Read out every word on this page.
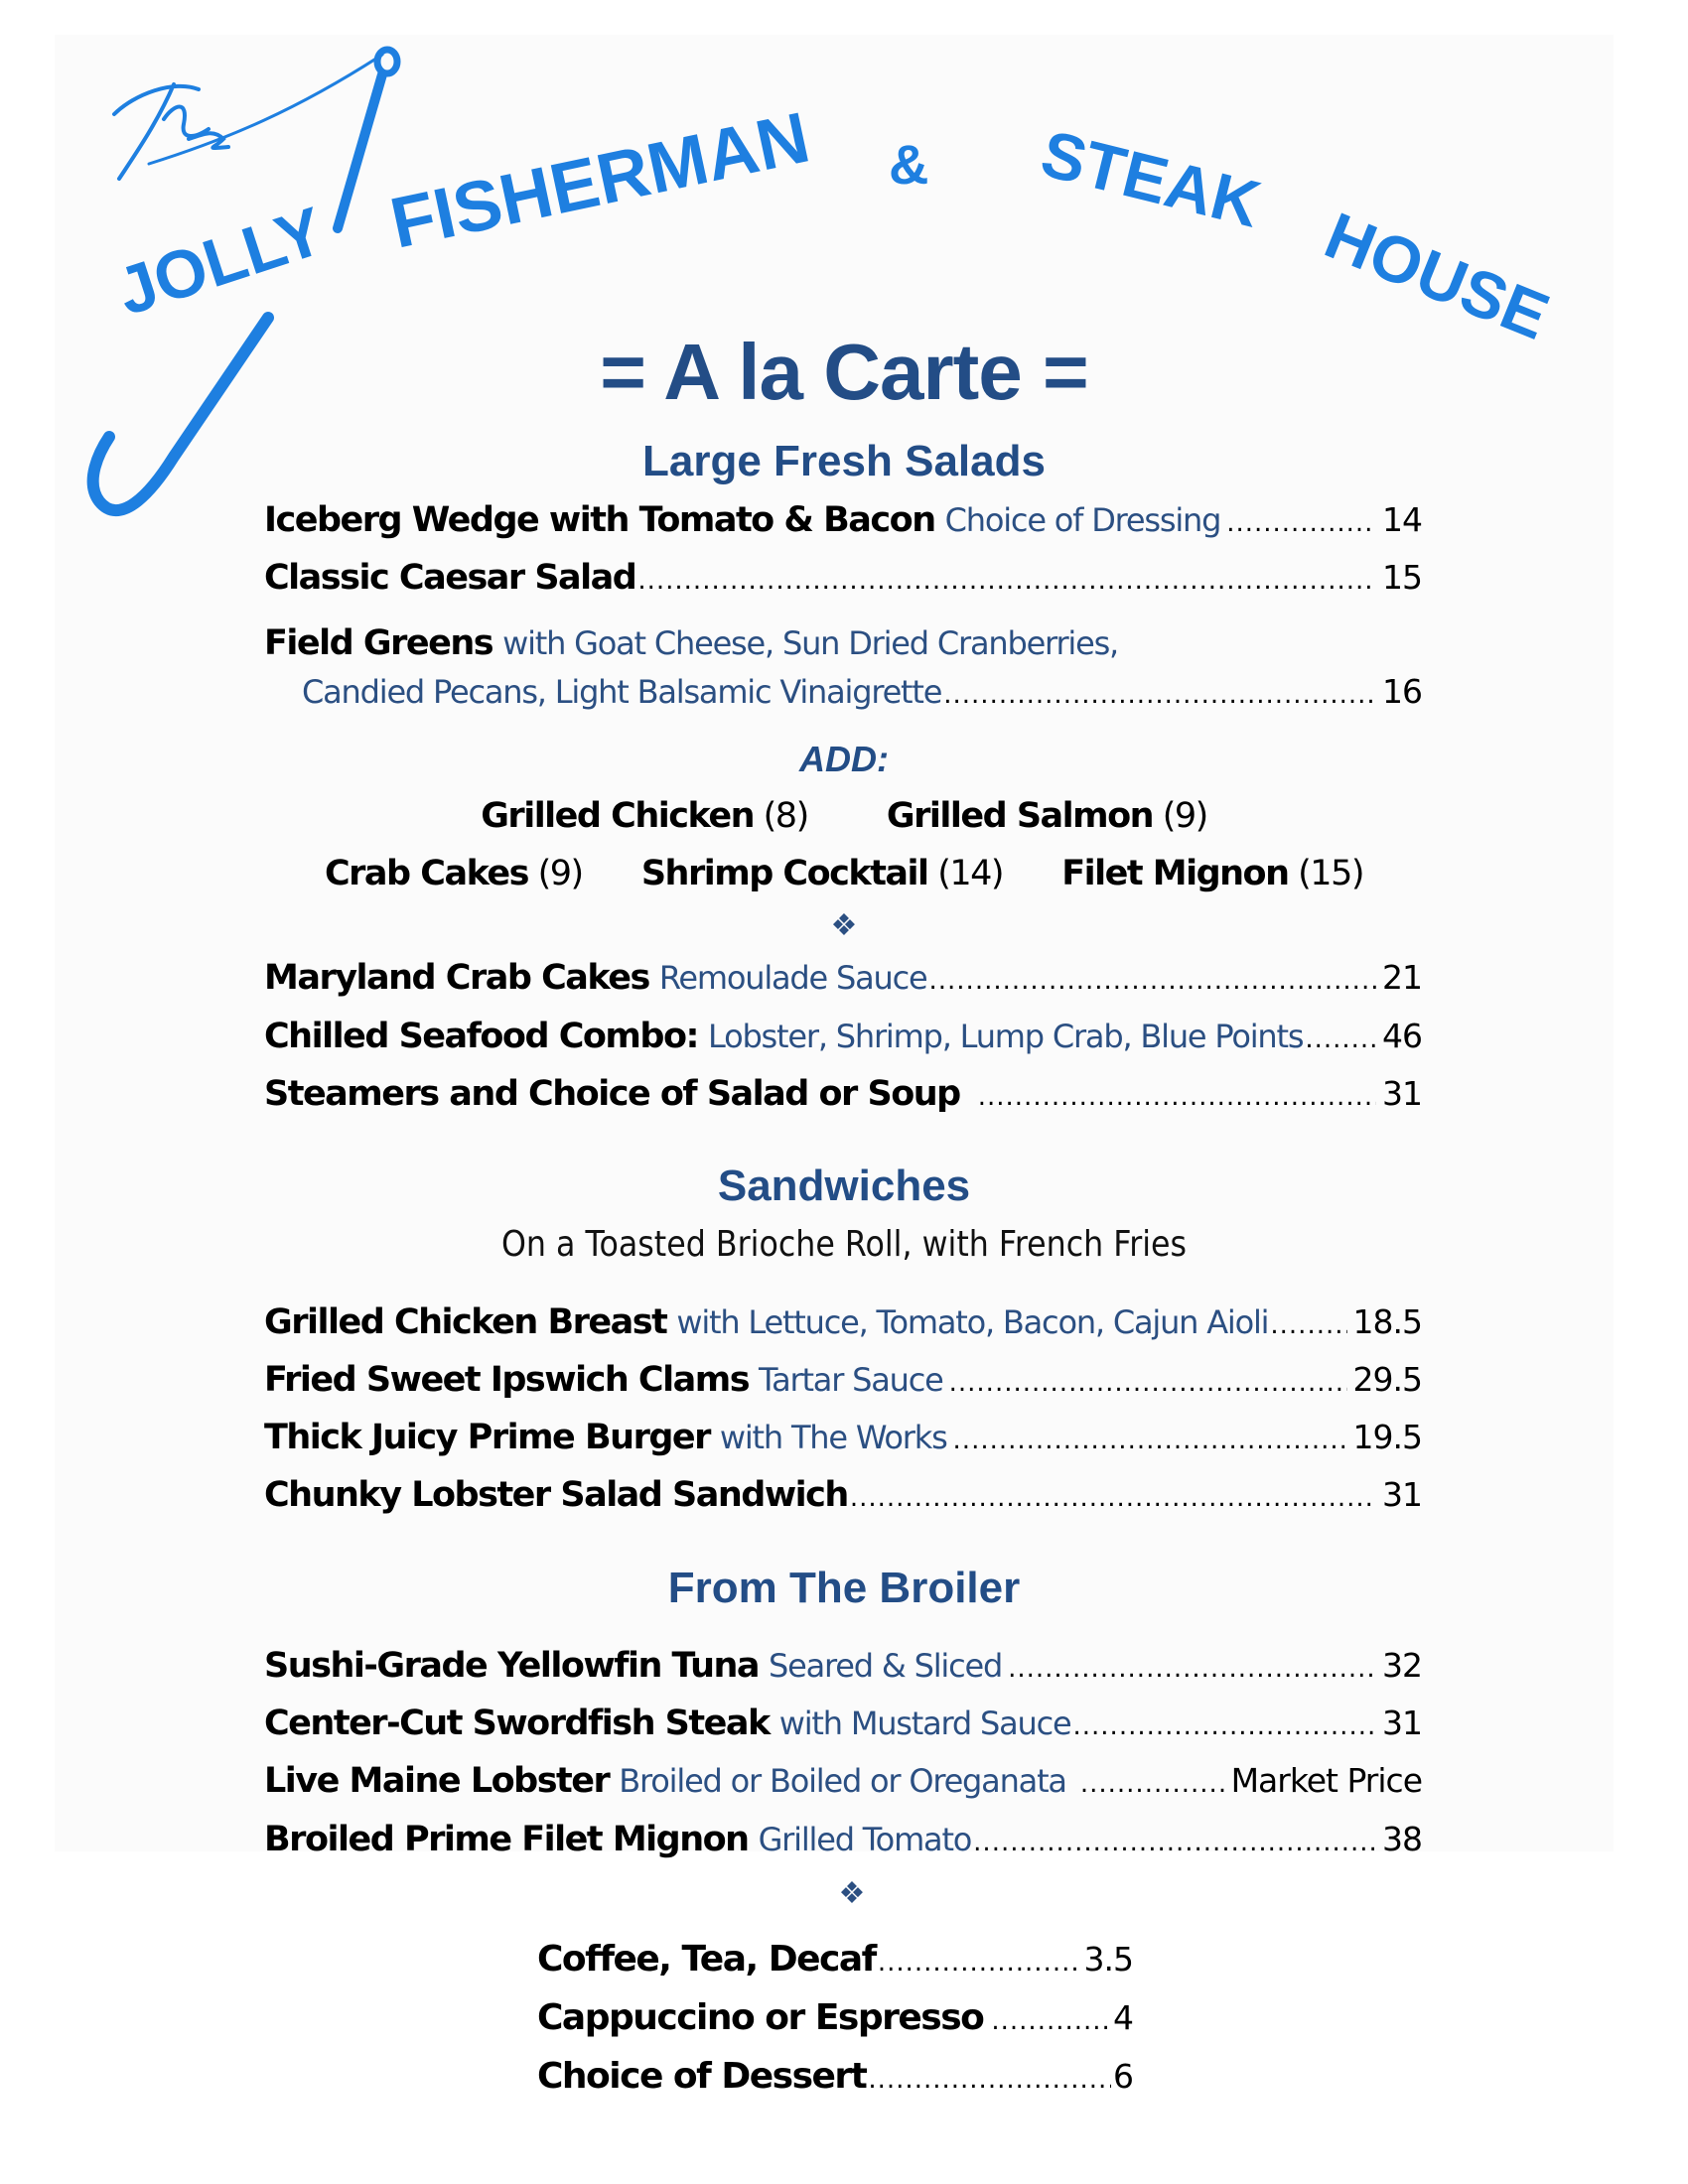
JOLLY FISHERMAN & STEAK
HOUSE
= A la Carte =
Large Fresh Salads
Iceberg Wedge with Tomato & Bacon Choice of Dressing .....	14
Classic Caesar Salad .....	15
Field Greens with Goat Cheese, Sun Dried Cranberries,
Candied Pecans, Light Balsamic Vinaigrette .....	16
ADD:
Grilled Chicken (8) Grilled Salmon (9)
Crab Cakes (9) Shrimp Cocktail (14) Filet Mignon (15)
❖
Maryland Crab Cakes Remoulade Sauce .....	21
Chilled Seafood Combo: Lobster, Shrimp, Lump Crab, Blue Points ..... 46
Steamers and Choice of Salad or Soup .....	31
Sandwiches
On a Toasted Brioche Roll, with French Fries
Grilled Chicken Breast with Lettuce, Tomato, Bacon, Cajun Aioli .....	18.5
Fried Sweet Ipswich Clams Tartar Sauce .....	29.5
Thick Juicy Prime Burger with The Works .....	19.5
Chunky Lobster Salad Sandwich .....	31
From The Broiler
Sushi-Grade Yellowfin Tuna Seared & Sliced .....	32
Center-Cut Swordfish Steak with Mustard Sauce .....	31
Live Maine Lobster Broiled or Boiled or Oreganata .....	Market Price
Broiled Prime Filet Mignon Grilled Tomato .....	38
❖
Coffee, Tea, Decaf .....	3.5
Cappuccino or Espresso .....	4
Choice of Dessert .....	6
